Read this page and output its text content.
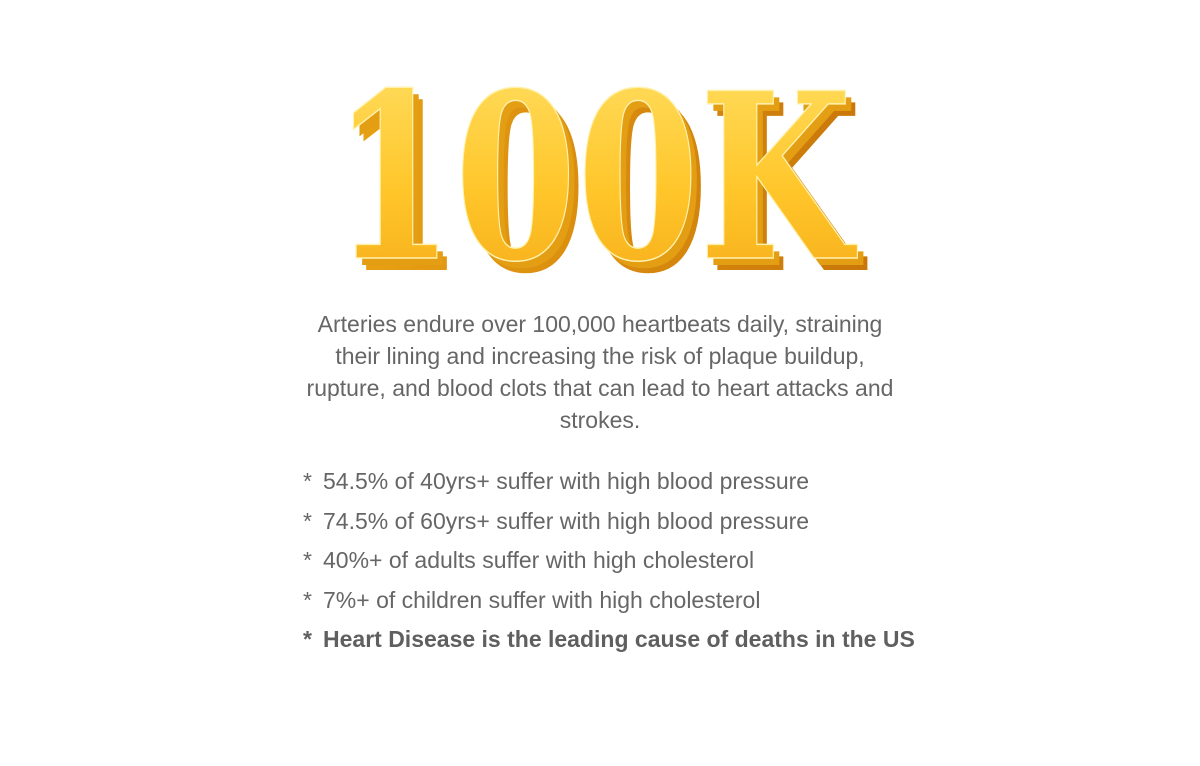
100K
100K
100K

Arteries endure over 100,000 heartbeats daily, straining their lining and increasing the risk of plaque buildup, rupture, and blood clots that can lead to heart attacks and strokes.

* 54.5% of 40yrs+ suffer with high blood pressure
* 74.5% of 60yrs+ suffer with high blood pressure
* 40%+ of adults suffer with high cholesterol
* 7%+ of children suffer with high cholesterol
* Heart Disease is the leading cause of deaths in the US
